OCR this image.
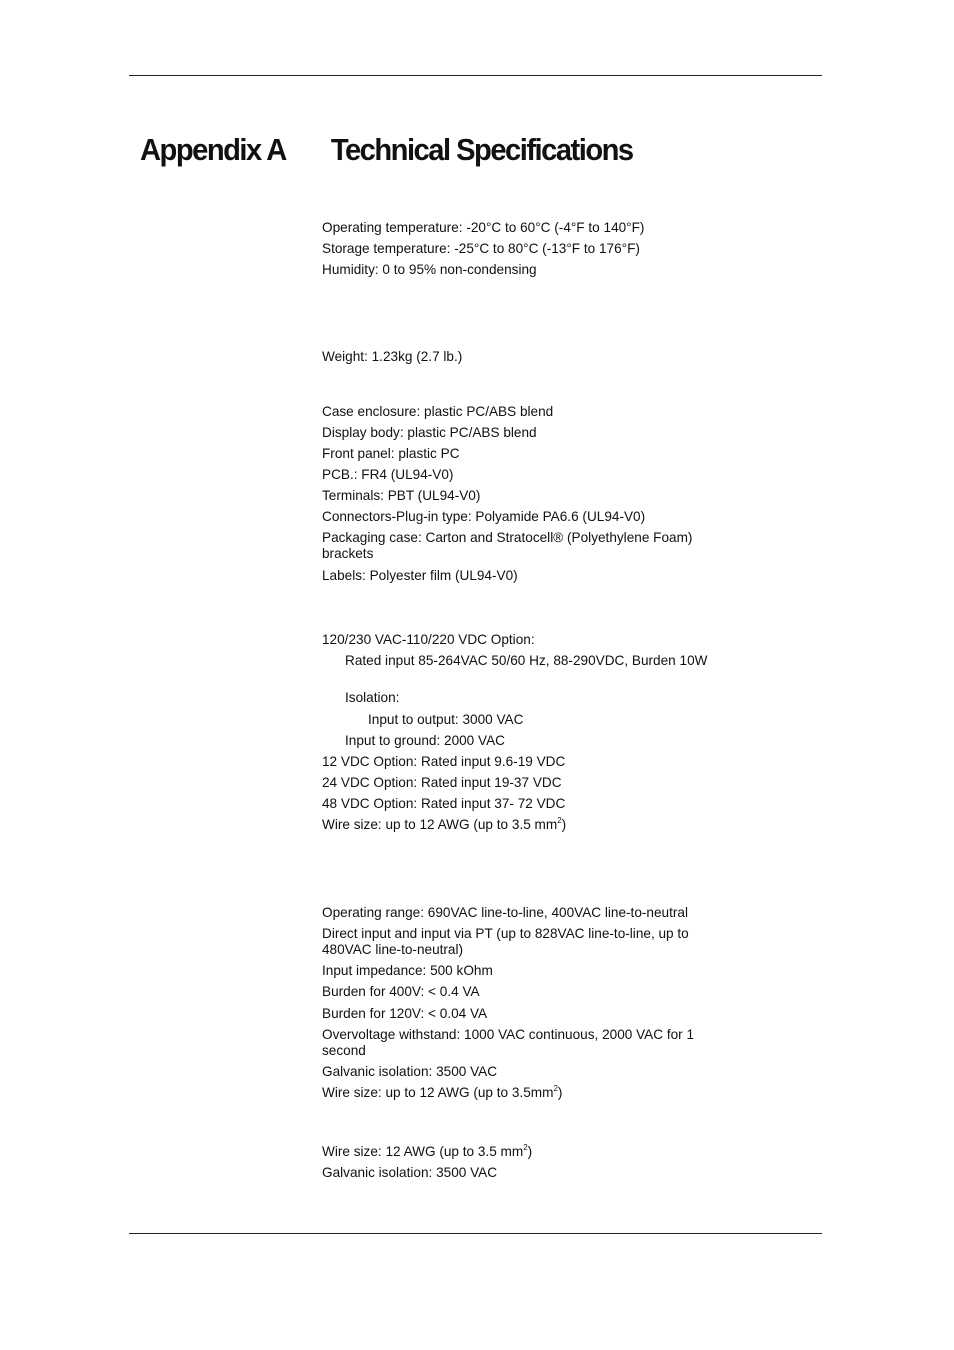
Appendix A Technical Specifications
Operating temperature: -20°C to 60°C (-4°F to 140°F)
Storage temperature: -25°C to 80°C (-13°F to 176°F)
Humidity: 0 to 95% non-condensing
Weight: 1.23kg (2.7 lb.)
Case enclosure: plastic PC/ABS blend
Display body: plastic PC/ABS blend
Front panel: plastic PC
PCB.: FR4 (UL94-V0)
Terminals: PBT (UL94-V0)
Connectors-Plug-in type: Polyamide PA6.6 (UL94-V0)
Packaging case: Carton and Stratocell® (Polyethylene Foam) brackets
Labels: Polyester film (UL94-V0)
120/230 VAC-110/220 VDC Option:
Rated input 85-264VAC 50/60 Hz, 88-290VDC, Burden 10W
Isolation:
Input to output: 3000 VAC
Input to ground: 2000 VAC
12 VDC Option: Rated input 9.6-19 VDC
24 VDC Option: Rated input 19-37 VDC
48 VDC Option: Rated input 37- 72 VDC
Wire size: up to 12 AWG (up to 3.5 $mm^2$)
Operating range: 690VAC line-to-line, 400VAC line-to-neutral
Direct input and input via PT (up to 828VAC line-to-line, up to 480VAC line-to-neutral)
Input impedance: 500 kOhm
Burden for 400V: < 0.4 VA
Burden for 120V: < 0.04 VA
Overvoltage withstand: 1000 VAC continuous, 2000 VAC for 1 second
Galvanic isolation: 3500 VAC
Wire size: up to 12 AWG (up to $3.5mm^2$)
Wire size: 12 AWG (up to 3.5 $mm^2$)
Galvanic isolation: 3500 VAC
